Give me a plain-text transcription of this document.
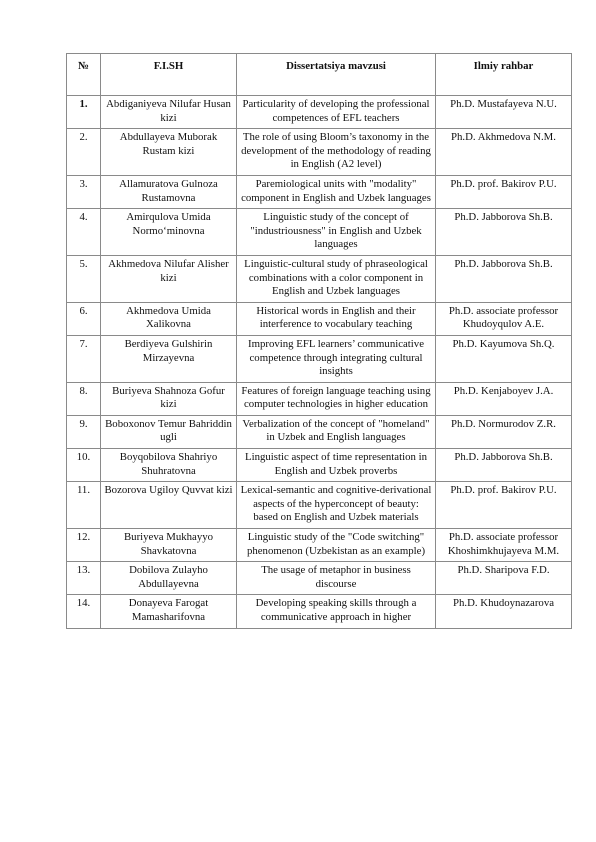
№	F.I.SH	Dissertatsiya mavzusi	Ilmiy rahbar
1.	Abdiganiyeva Nilufar Husan kizi	Particularity of developing the professional competences of EFL teachers	Ph.D. Mustafayeva N.U.
2.	Abdullayeva Muborak Rustam kizi	The role of using Bloom’s taxonomy in the development of the methodology of reading in English (A2 level)	Ph.D. Akhmedova N.M.
3.	Allamuratova Gulnoza Rustamovna	Paremiological units with "modality" component in English and Uzbek languages	Ph.D. prof. Bakirov P.U.
4.	Amirqulova Umida Normo‘minovna	Linguistic study of the concept of "industriousness" in English and Uzbek languages	Ph.D. Jabborova Sh.B.
5.	Akhmedova Nilufar Alisher kizi	Linguistic-cultural study of phraseological combinations with a color component in English and Uzbek languages	Ph.D. Jabborova Sh.B.
6.	Akhmedova Umida Xalikovna	Historical words in English and their interference to vocabulary teaching	Ph.D. associate professor Khudoyqulov A.E.
7.	Berdiyeva Gulshirin Mirzayevna	Improving EFL learners’ communicative competence through integrating cultural insights	Ph.D. Kayumova Sh.Q.
8.	Buriyeva Shahnoza Gofur kizi	Features of foreign language teaching using computer technologies in higher education	Ph.D. Kenjaboyev J.A.
9.	Boboxonov Temur Bahriddin ugli	Verbalization of the concept of "homeland" in Uzbek and English languages	Ph.D. Normurodov Z.R.
10.	Boyqobilova Shahriyo Shuhratovna	Linguistic aspect of time representation in English and Uzbek proverbs	Ph.D. Jabborova Sh.B.
11.	Bozorova Ugiloy Quvvat kizi	Lexical-semantic and cognitive-derivational aspects of the hyperconcept of beauty: based on English and Uzbek materials	Ph.D. prof. Bakirov P.U.
12.	Buriyeva Mukhayyo Shavkatovna	Linguistic study of the "Code switching" phenomenon (Uzbekistan as an example)	Ph.D. associate professor Khoshimkhujayeva M.M.
13.	Dobilova Zulayho Abdullayevna	The usage of metaphor in business discourse	Ph.D. Sharipova F.D.
14.	Donayeva Farogat Mamasharifovna	Developing speaking skills through a communicative approach in higher	Ph.D. Khudoynazarova
